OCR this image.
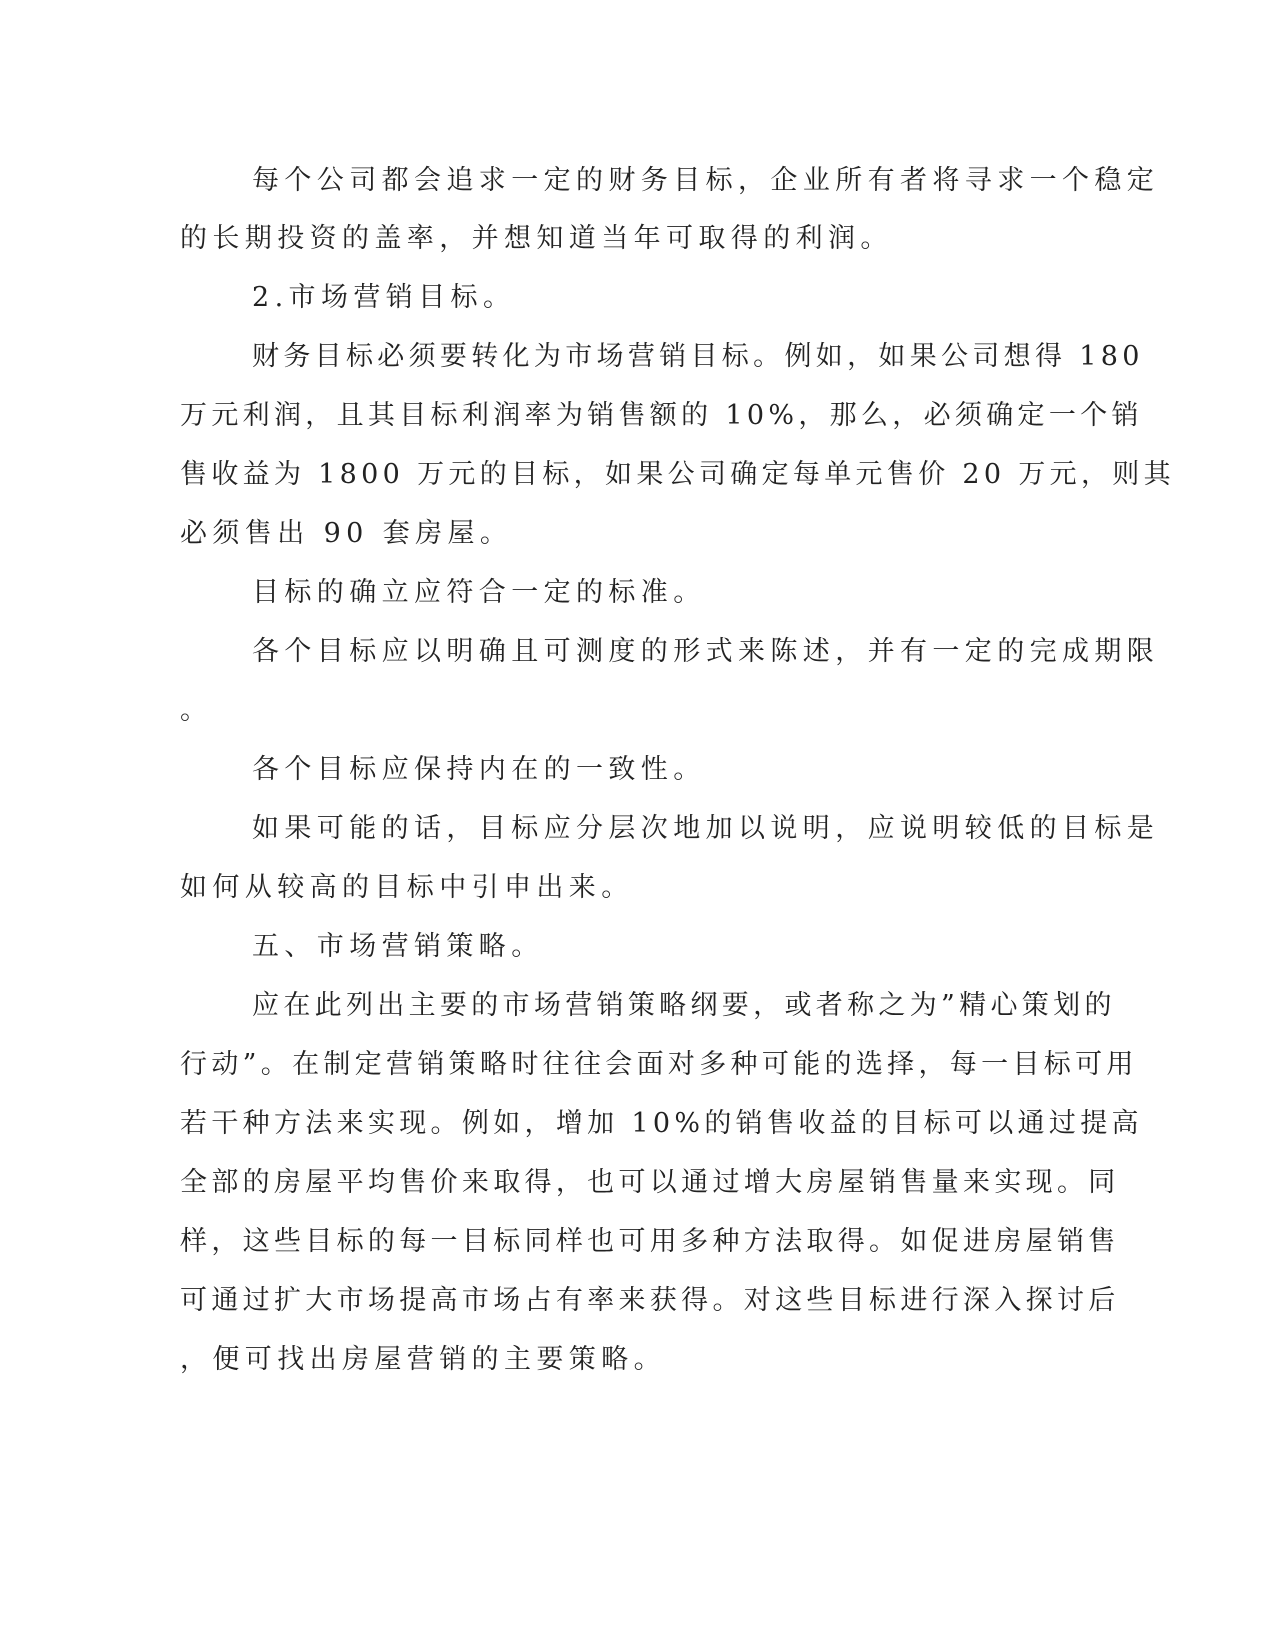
每个公司都会追求一定的财务目标，企业所有者将寻求一个稳定
的长期投资的盖率，并想知道当年可取得的利润。
2.市场营销目标。
财务目标必须要转化为市场营销目标。例如，如果公司想得 180
万元利润，且其目标利润率为销售额的 10%，那么，必须确定一个销
售收益为 1800 万元的目标，如果公司确定每单元售价 20 万元，则其
必须售出 90 套房屋。
目标的确立应符合一定的标准。
各个目标应以明确且可测度的形式来陈述，并有一定的完成期限
。
各个目标应保持内在的一致性。
如果可能的话，目标应分层次地加以说明，应说明较低的目标是
如何从较高的目标中引申出来。
五、市场营销策略。
应在此列出主要的市场营销策略纲要，或者称之为”精心策划的
行动”。在制定营销策略时往往会面对多种可能的选择，每一目标可用
若干种方法来实现。例如，增加 10%的销售收益的目标可以通过提高
全部的房屋平均售价来取得，也可以通过增大房屋销售量来实现。同
样，这些目标的每一目标同样也可用多种方法取得。如促进房屋销售
可通过扩大市场提高市场占有率来获得。对这些目标进行深入探讨后
，便可找出房屋营销的主要策略。
